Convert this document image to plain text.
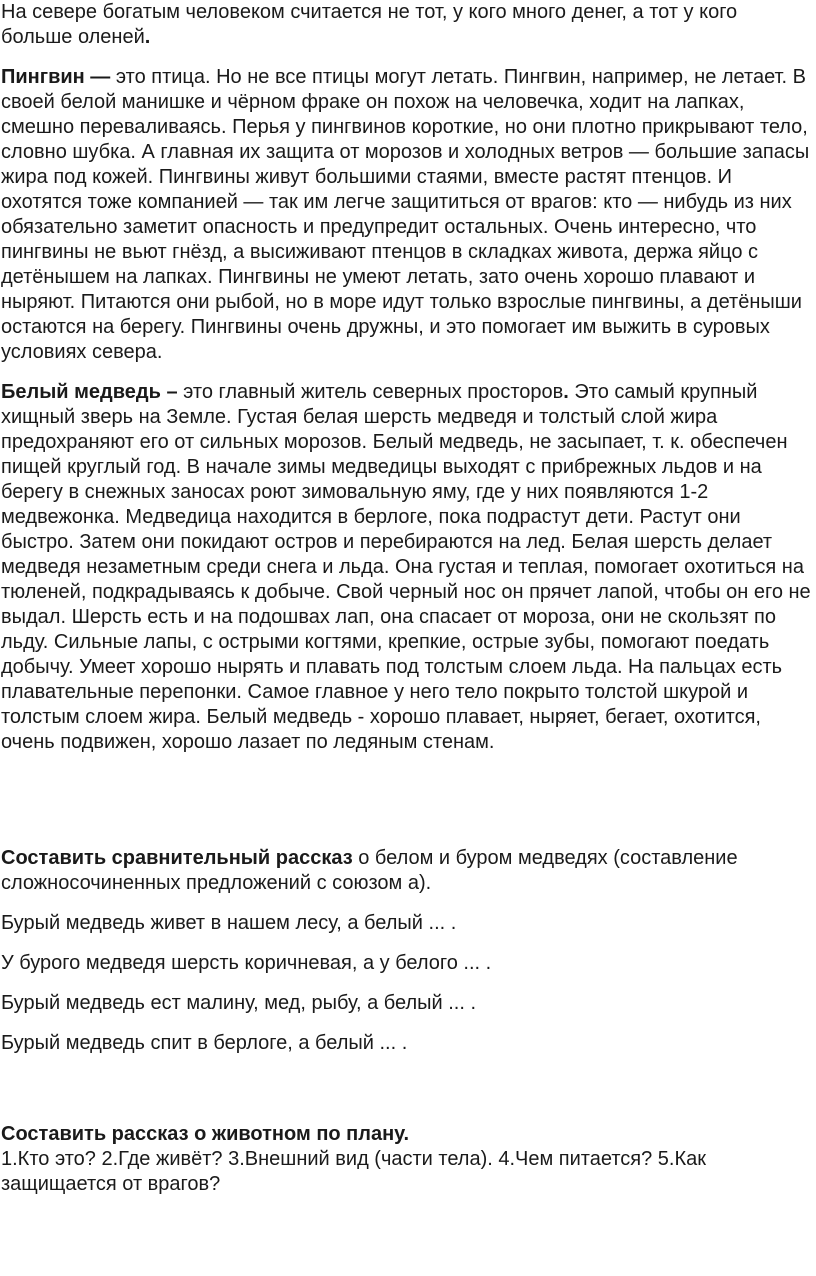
На севере богатым человеком считается не тот, у кого много денег, а тот у кого больше оленей.

Пингвин — это птица. Но не все птицы могут летать. Пингвин, например, не летает. В своей белой манишке и чёрном фраке он похож на человечка, ходит на лапках, смешно переваливаясь. Перья у пингвинов короткие, но они плотно прикрывают тело, словно шубка. А главная их защита от морозов и холодных ветров — большие запасы жира под кожей. Пингвины живут большими стаями, вместе растят птенцов. И охотятся тоже компанией — так им легче защититься от врагов: кто — нибудь из них обязательно заметит опасность и предупредит остальных. Очень интересно, что пингвины не вьют гнёзд, а высиживают птенцов в складках живота, держа яйцо с детёнышем на лапках. Пингвины не умеют летать, зато очень хорошо плавают и ныряют. Питаются они рыбой, но в море идут только взрослые пингвины, а детёныши остаются на берегу. Пингвины очень дружны, и это помогает им выжить в суровых условиях севера.

Белый медведь – это главный житель северных просторов. Это самый крупный хищный зверь на Земле. Густая белая шерсть медведя и толстый слой жира предохраняют его от сильных морозов. Белый медведь, не засыпает, т. к. обеспечен пищей круглый год. В начале зимы медведицы выходят с прибрежных льдов и на берегу в снежных заносах роют зимовальную яму, где у них появляются 1-2 медвежонка. Медведица находится в берлоге, пока подрастут дети. Растут они быстро. Затем они покидают остров и перебираются на лед. Белая шерсть делает медведя незаметным среди снега и льда. Она густая и теплая, помогает охотиться на тюленей, подкрадываясь к добыче. Свой черный нос он прячет лапой, чтобы он его не выдал. Шерсть есть и на подошвах лап, она спасает от мороза, они не скользят по льду. Сильные лапы, с острыми когтями, крепкие, острые зубы, помогают поедать добычу. Умеет хорошо нырять и плавать под толстым слоем льда. На пальцах есть плавательные перепонки. Самое главное у него тело покрыто толстой шкурой и толстым слоем жира. Белый медведь - хорошо плавает, ныряет, бегает, охотится, очень подвижен, хорошо лазает по ледяным стенам.

Составить сравнительный рассказ о белом и буром медведях (составление сложносочиненных предложений с союзом а).

Бурый медведь живет в нашем лесу, а белый ... .

У бурого медведя шерсть коричневая, а у белого ... .

Бурый медведь ест малину, мед, рыбу, а белый ... .

Бурый медведь спит в берлоге, а белый ... .

Составить рассказ о животном по плану.
1.Кто это? 2.Где живёт? 3.Внешний вид (части тела). 4.Чем питается? 5.Как защищается от врагов?
